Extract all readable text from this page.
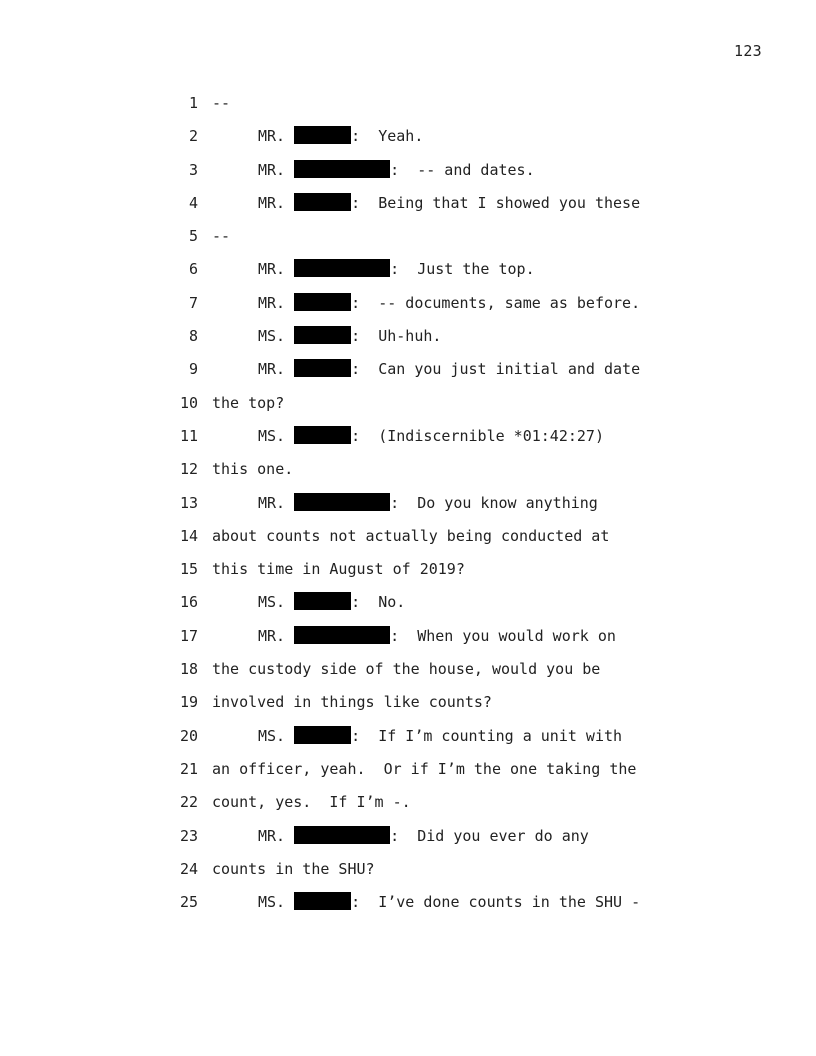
123
1 --
2	MR.	:  Yeah.
3	MR.	:  -- and dates.
4	MR.	:  Being that I showed you these
5 --
6	MR.	:  Just the top.
7	MR.	:  -- documents, same as before.
8	MS.	:  Uh-huh.
9	MR.	:  Can you just initial and date
10 the top?
11	MS.	:  (Indiscernible *01:42:27)
12 this one.
13	MR.	:  Do you know anything
14 about counts not actually being conducted at
15 this time in August of 2019?
16	MS.	:  No.
17	MR.	:  When you would work on
18 the custody side of the house, would you be
19 involved in things like counts?
20	MS.	:  If I’m counting a unit with
21 an officer, yeah.  Or if I’m the one taking the
22 count, yes.  If I’m -.
23	MR.	:  Did you ever do any
24 counts in the SHU?
25	MS.	:  I’ve done counts in the SHU -
